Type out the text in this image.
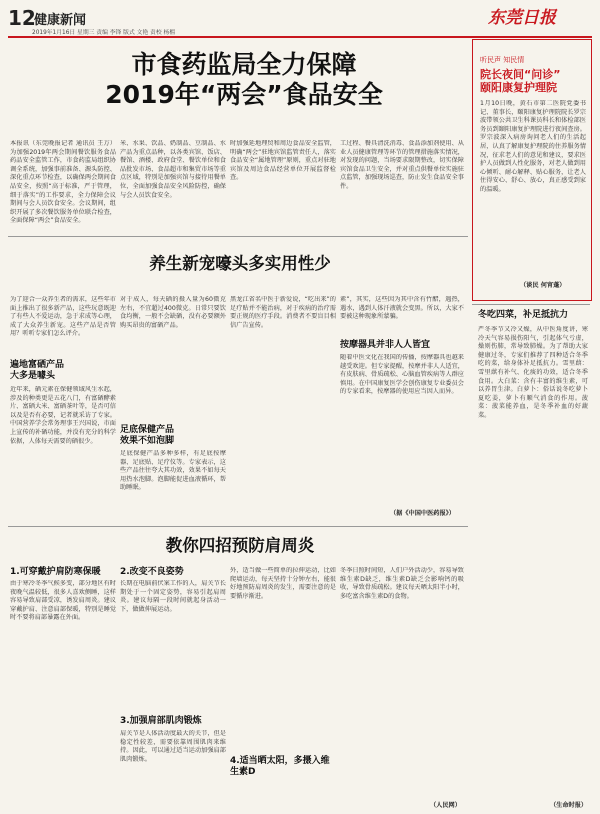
12
健康新闻
2019年1月16日 星期三 责编 李锋 版式 文艳 责校 杨榴
东莞日报
市食药监局全力保障
2019年“两会”食品安全
本报讯（东莞晚报记者 通讯员 王万）为加强2019年两会期间餐饮服务食品药品安全监管工作，市食药监局组织协调全系统，加强事前准备、源头防控、深化重点环节检查，以确保两会期间食品安全，按照“高于标准，严于管理，细于落实”的工作要求，全力保障会议期间与会人员饮食安全。会议期间，组织开展了多次餐饮服务单位联合检查，全面保障“两会”食品安全。
米、水果、饮品、奶制品、豆制品、水产品为重点品种，以各类宾馆、饭店、餐馆、酒楼、政府食堂、餐饮单位和食品批发市场、食品超市和集贸市场等重点区域，特别是加强宾馆与接待用餐单位，全面加强食品安全风险防控，确保与会人员饮食安全。
时加强延地理贸和周边食品安全监管，明确“两会”驻地宾馆监管责任人，落实食品安全“属地管理”原则，重点对驻地宾馆及周边食品经营单位开展监督检查。
工过程、餐具清洗消毒、食品添加剂使用、从业人员健康管理等环节的管理措施落实情况，对发现的问题，当场要求限期整改，切实保障宾馆食品卫生安全，并对重点供餐单位实施驻点监管，加强现场巡查，防止发生食品安全事件。
听民声 知民情
院长夜间“问诊”
颐阳康复护理院
1月10日晚，黄石市第二医院党委书记、董事长，颐阳康复护理院院长罗宗波带领公共卫生科课员科长和体检部医务员到颐阳康复护理院进行夜间查房。罗宗波深入病房询问老人们的生活起居，认真了解康复护理院的住养服务情况，征求老人们的意见和建议，要求医护人员做到人性化服务，对老人做到用心倾听、耐心解释、贴心服务，让老人住得安心、舒心、放心，真正感受到家的温暖。
（谈民 何宵蓬）
养生新宠嚎头多实用性少
为了迎合一众养生者的需求，这些年市面上推出了很多新产品，这些玩意既迎了有些人不爱运动，急于求成等心理，成了大众养生新宠。这些产品是否管用？听听专家们怎么评介。
遍地富硒产品
大多是噱头
近年来，硒元素在保健领域风生水起，涉及的种类更是五花八门，有富硒酵素片、富硒大米、富硒茶叶等，是否可信以及是否有必要，记者就采访了专家。中国营养学会常务理事王兴国说，市面上宣传的补硒功能，并没有充分的科学依据，人体每天需要的硒很少。
对于成人，每天硒的摄入量为60微克左右，不宜超过400微克。日常只要饮食均衡，一般不会缺硒，没有必要额外购买昂贵的富硒产品。
足底保健产品
效果不如泡脚
足底保健产品多种多样，有足底按摩器、足底贴、足疗仪等。专家表示，这些产品往往夸大其功效，效果不如每天用热水泡脚。泡脚能促进血液循环，帮助睡眠。
黑龙江省名中医于新爱说，“吃出来”的足疗贴并不能治病，对于疾病的治疗需要正规的医疗手段。消费者不要盲目相信广告宣传。
素”，其实，这些因为其中含有竹醋，遇热，遇水，遇到人体汗液就会变黑。所以，大家不要被这种现象所蒙骗。
按摩器具并非人人皆宜
随着中医文化在我国的传播，按摩器具也越来越受欢迎。但专家提醒，按摩并非人人适宜，有皮肤病、骨质疏松、心脑血管疾病等人群应慎用。在中国康复医学会创伤康复专业委员会的专家看来，按摩器的使用应当因人而异。
（据《中国中医药报》）
冬吃四菜，补足抵抗力
严冬季节又冷又燥，从中医角度讲，寒冷天气容易损伤阳气，引起体气亏虚，燥则伤肺，常导致肺燥。为了帮助大家健康过冬，专家们推荐了四种适合冬季吃的菜，给身体补足抵抗力。雪里蕻：雪里蕻有补气、化痰的功效，适合冬季食用。大白菜：含有丰富的维生素，可以养胃生津。白萝卜：俗话说冬吃萝卜夏吃姜，萝卜有顺气消食的作用。菠菜：菠菜能养血，是冬季补血的好蔬菜。
（生命时报）
教你四招预防肩周炎
1.可穿戴护肩防寒保暖
由于寒冷冬季气候多变，部分地区有时夜晚气温较低，很多人喜欢侧睡，这样容易导致肩部受凉，诱发肩周炎。建议穿戴护肩、注意肩部保暖，特别是睡觉时不要将肩部暴露在外面。
2.改变不良姿势
长期在电脑前伏案工作的人，肩关节长期处于一个固定姿势，容易引起肩周炎。建议每隔一段时间就起身活动一下，做做伸展运动。
3.加强肩部肌肉锻炼
肩关节是人体活动度最大的关节，但是稳定性较差，需要依靠周围肌肉来维持。因此，可以通过适当运动加强肩部肌肉锻炼。
外，适当做一些简单的拉伸运动，比如爬墙运动，每天坚持十分钟左右，能很好地预防肩周炎的发生，需要注意的是要循序渐进。
4.适当晒太阳，多摄入维生素D
冬季日照时间短，人们户外活动少，容易导致维生素D缺乏，维生素D缺乏会影响钙的吸收，导致骨质疏松。建议每天晒太阳半小时，多吃富含维生素D的食物。
（人民网）
